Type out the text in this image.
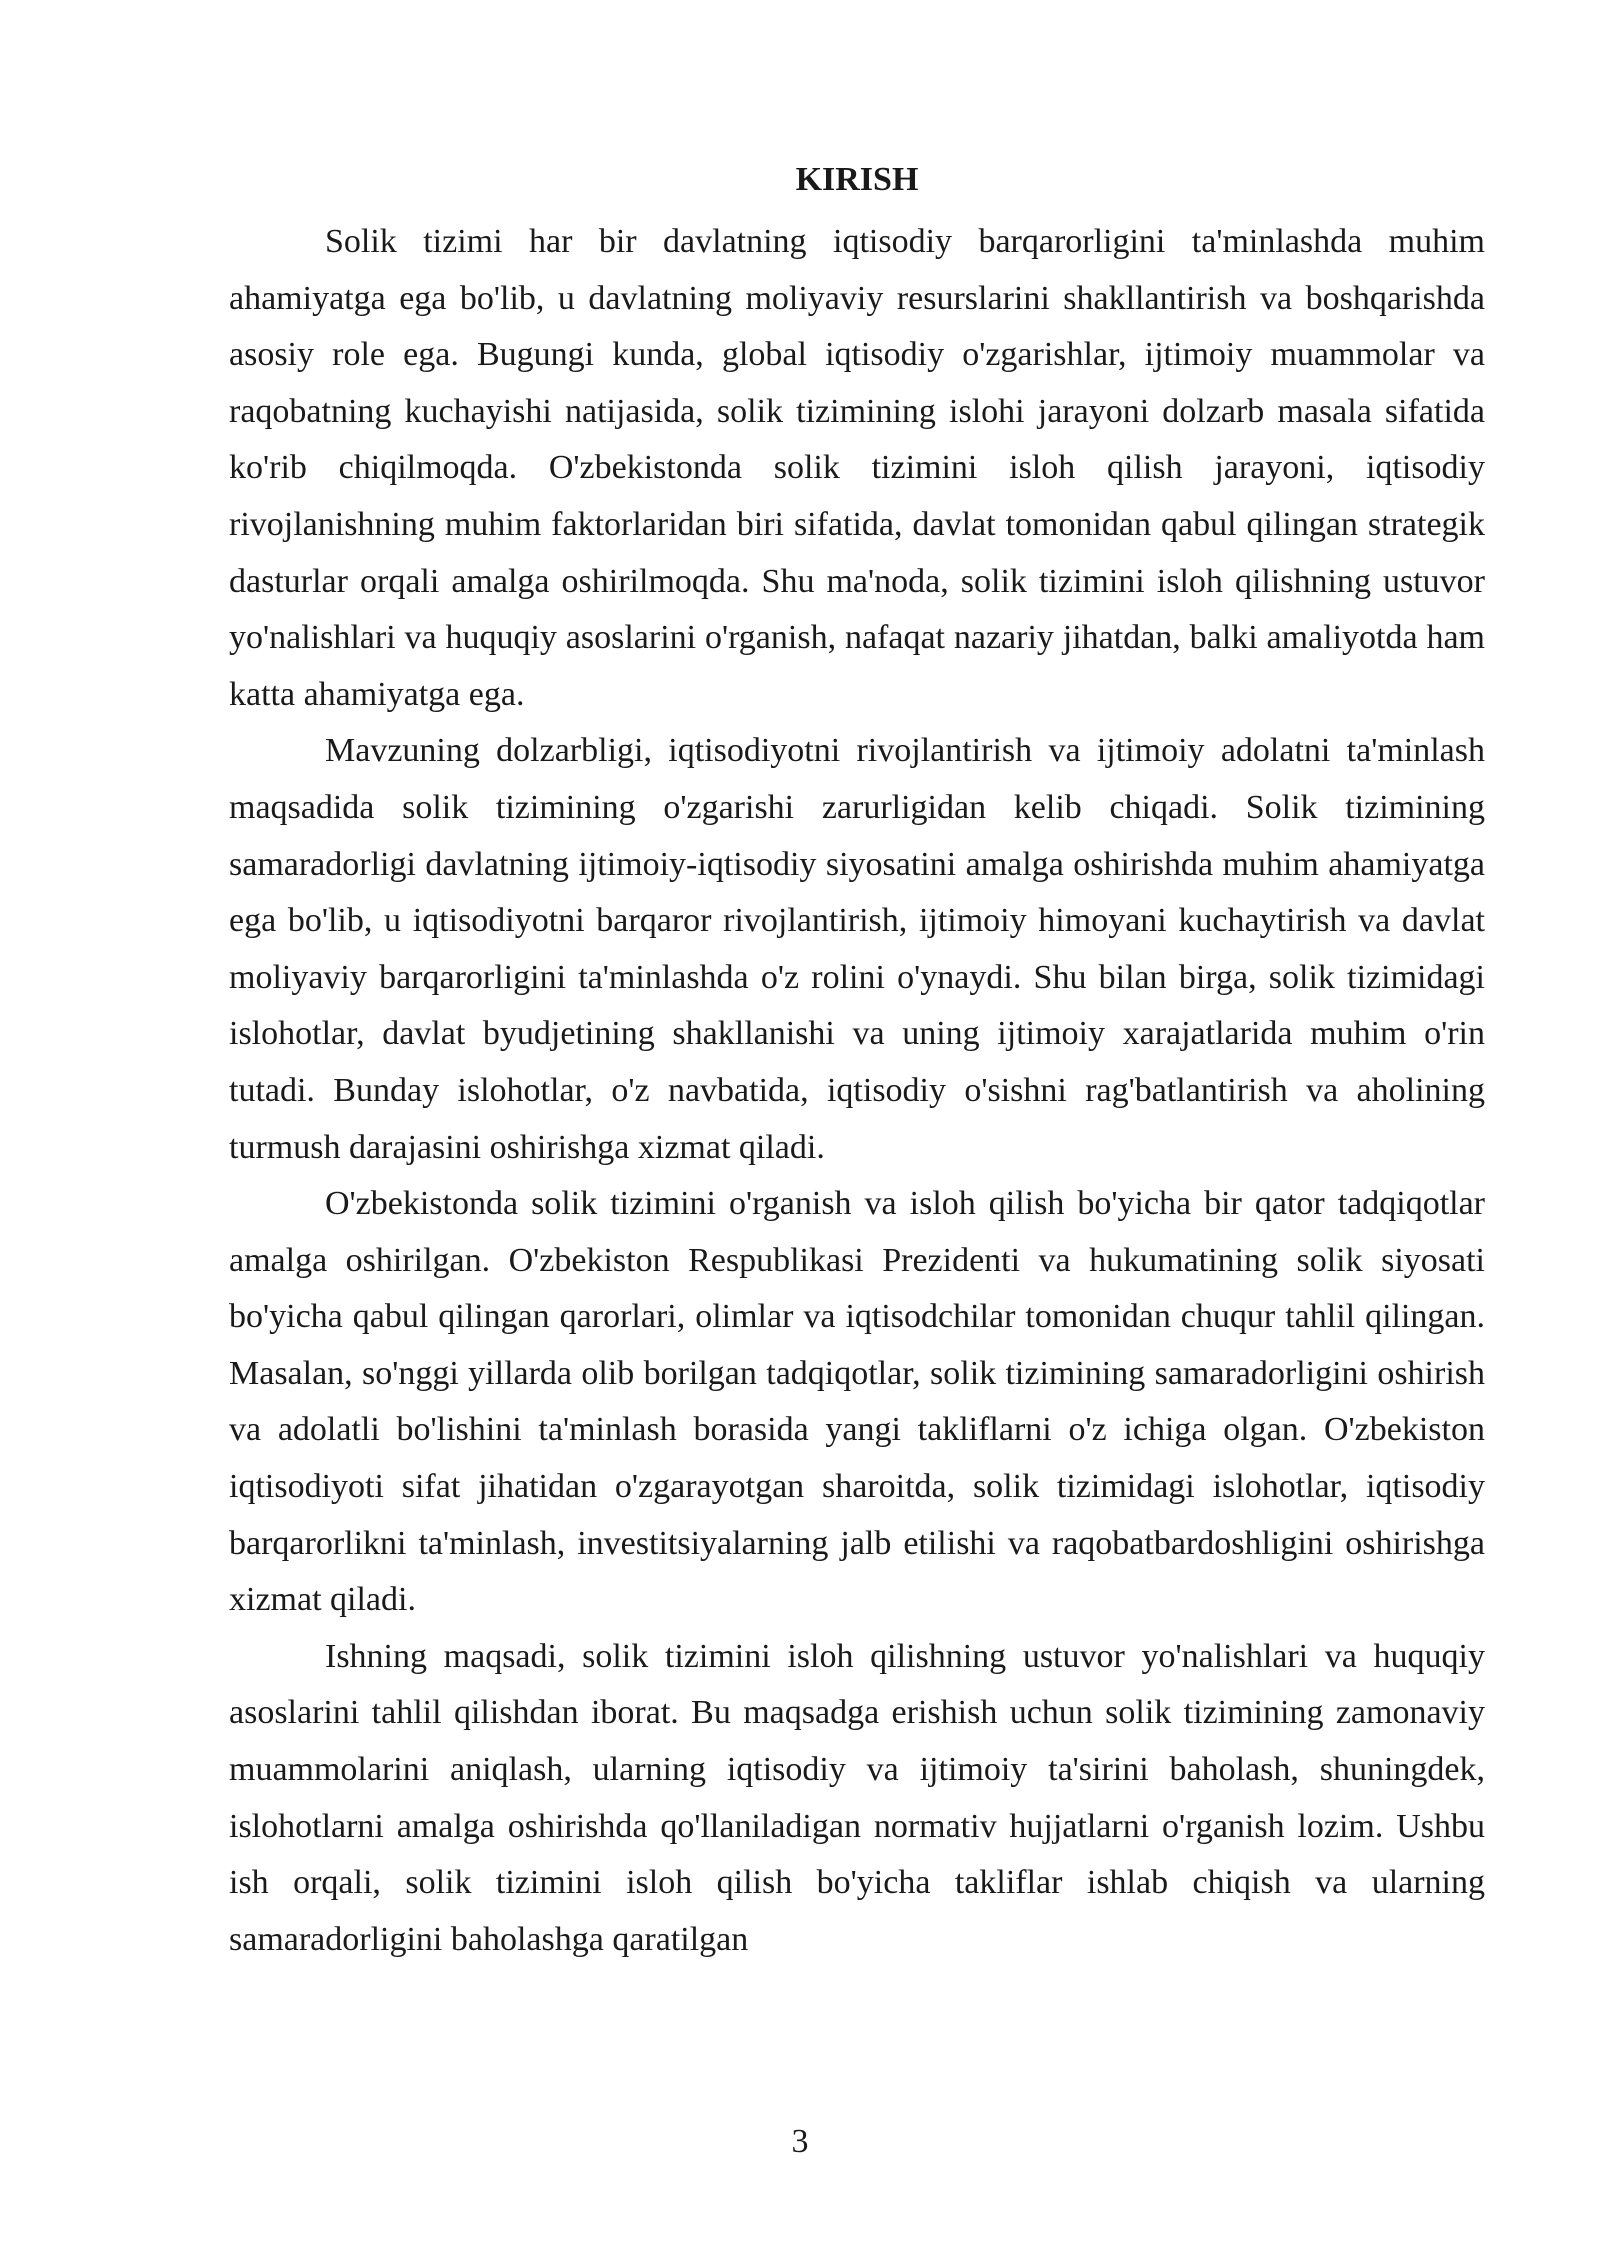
KIRISH

Solik tizimi har bir davlatning iqtisodiy barqarorligini ta'minlashda muhim ahamiyatga ega bo'lib, u davlatning moliyaviy resurslarini shakllantirish va boshqarishda asosiy role ega. Bugungi kunda, global iqtisodiy o'zgarishlar, ijtimoiy muammolar va raqobatning kuchayishi natijasida, solik tizimining islohi jarayoni dolzarb masala sifatida ko'rib chiqilmoqda. O'zbekistonda solik tizimini isloh qilish jarayoni, iqtisodiy rivojlanishning muhim faktorlaridan biri sifatida, davlat tomonidan qabul qilingan strategik dasturlar orqali amalga oshirilmoqda. Shu ma'noda, solik tizimini isloh qilishning ustuvor yo'nalishlari va huquqiy asoslarini o'rganish, nafaqat nazariy jihatdan, balki amaliyotda ham katta ahamiyatga ega.

Mavzuning dolzarbligi, iqtisodiyotni rivojlantirish va ijtimoiy adolatni ta'minlash maqsadida solik tizimining o'zgarishi zarurligidan kelib chiqadi. Solik tizimining samaradorligi davlatning ijtimoiy-iqtisodiy siyosatini amalga oshirishda muhim ahamiyatga ega bo'lib, u iqtisodiyotni barqaror rivojlantirish, ijtimoiy himoyani kuchaytirish va davlat moliyaviy barqarorligini ta'minlashda o'z rolini o'ynaydi. Shu bilan birga, solik tizimidagi islohotlar, davlat byudjetining shakllanishi va uning ijtimoiy xarajatlarida muhim o'rin tutadi. Bunday islohotlar, o'z navbatida, iqtisodiy o'sishni rag'batlantirish va aholining turmush darajasini oshirishga xizmat qiladi.

O'zbekistonda solik tizimini o'rganish va isloh qilish bo'yicha bir qator tadqiqotlar amalga oshirilgan. O'zbekiston Respublikasi Prezidenti va hukumatining solik siyosati bo'yicha qabul qilingan qarorlari, olimlar va iqtisodchilar tomonidan chuqur tahlil qilingan. Masalan, so'nggi yillarda olib borilgan tadqiqotlar, solik tizimining samaradorligini oshirish va adolatli bo'lishini ta'minlash borasida yangi takliflarni o'z ichiga olgan. O'zbekiston iqtisodiyoti sifat jihatidan o'zgarayotgan sharoitda, solik tizimidagi islohotlar, iqtisodiy barqarorlikni ta'minlash, investitsiyalarning jalb etilishi va raqobatbardoshligini oshirishga xizmat qiladi.

Ishning maqsadi, solik tizimini isloh qilishning ustuvor yo'nalishlari va huquqiy asoslarini tahlil qilishdan iborat. Bu maqsadga erishish uchun solik tizimining zamonaviy muammolarini aniqlash, ularning iqtisodiy va ijtimoiy ta'sirini baholash, shuningdek, islohotlarni amalga oshirishda qo'llaniladigan normativ hujjatlarni o'rganish lozim. Ushbu ish orqali, solik tizimini isloh qilish bo'yicha takliflar ishlab chiqish va ularning samaradorligini baholashga qaratilgan

3
